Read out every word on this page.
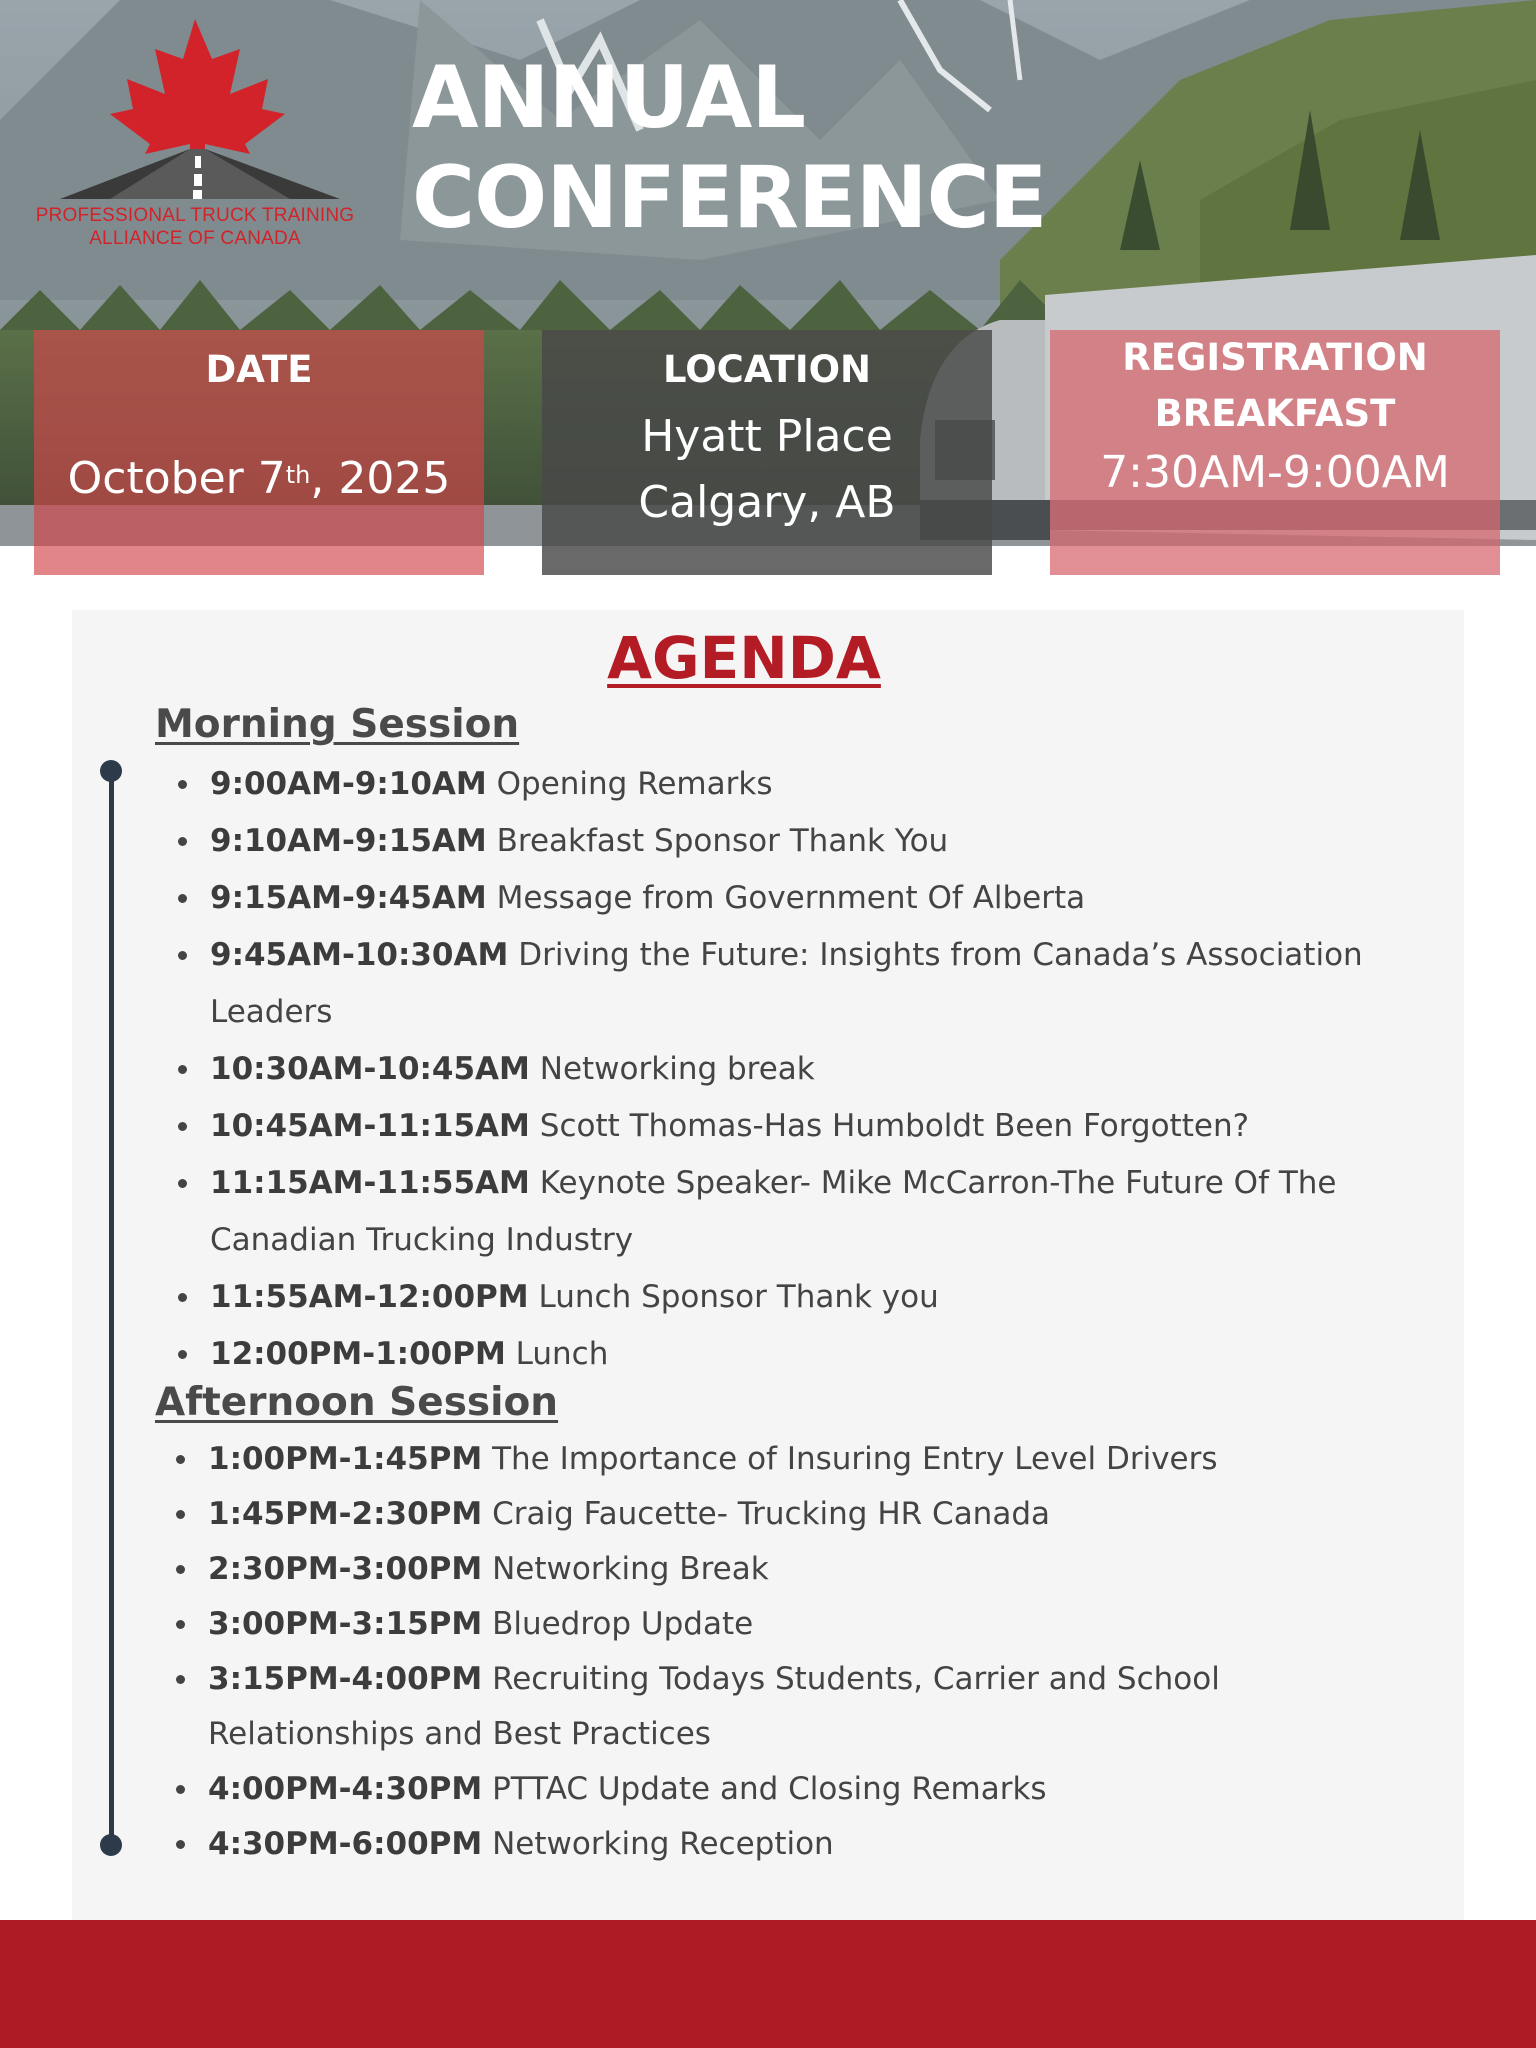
PROFESSIONAL TRUCK TRAINING
ALLIANCE OF CANADA
ANNUAL
CONFERENCE
DATE
October 7th, 2025
LOCATION
Hyatt Place
Calgary, AB
REGISTRATION
BREAKFAST
7:30AM-9:00AM
AGENDA
Morning Session
9:00AM-9:10AM Opening Remarks
9:10AM-9:15AM Breakfast Sponsor Thank You
9:15AM-9:45AM Message from Government Of Alberta
9:45AM-10:30AM Driving the Future: Insights from Canada’s Association Leaders
10:30AM-10:45AM Networking break
10:45AM-11:15AM Scott Thomas-Has Humboldt Been Forgotten?
11:15AM-11:55AM Keynote Speaker- Mike McCarron-The Future Of The Canadian Trucking Industry
11:55AM-12:00PM Lunch Sponsor Thank you
12:00PM-1:00PM Lunch
Afternoon Session
1:00PM-1:45PM The Importance of Insuring Entry Level Drivers
1:45PM-2:30PM Craig Faucette- Trucking HR Canada
2:30PM-3:00PM Networking Break
3:00PM-3:15PM Bluedrop Update
3:15PM-4:00PM Recruiting Todays Students, Carrier and School Relationships and Best Practices
4:00PM-4:30PM PTTAC Update and Closing Remarks
4:30PM-6:00PM Networking Reception
